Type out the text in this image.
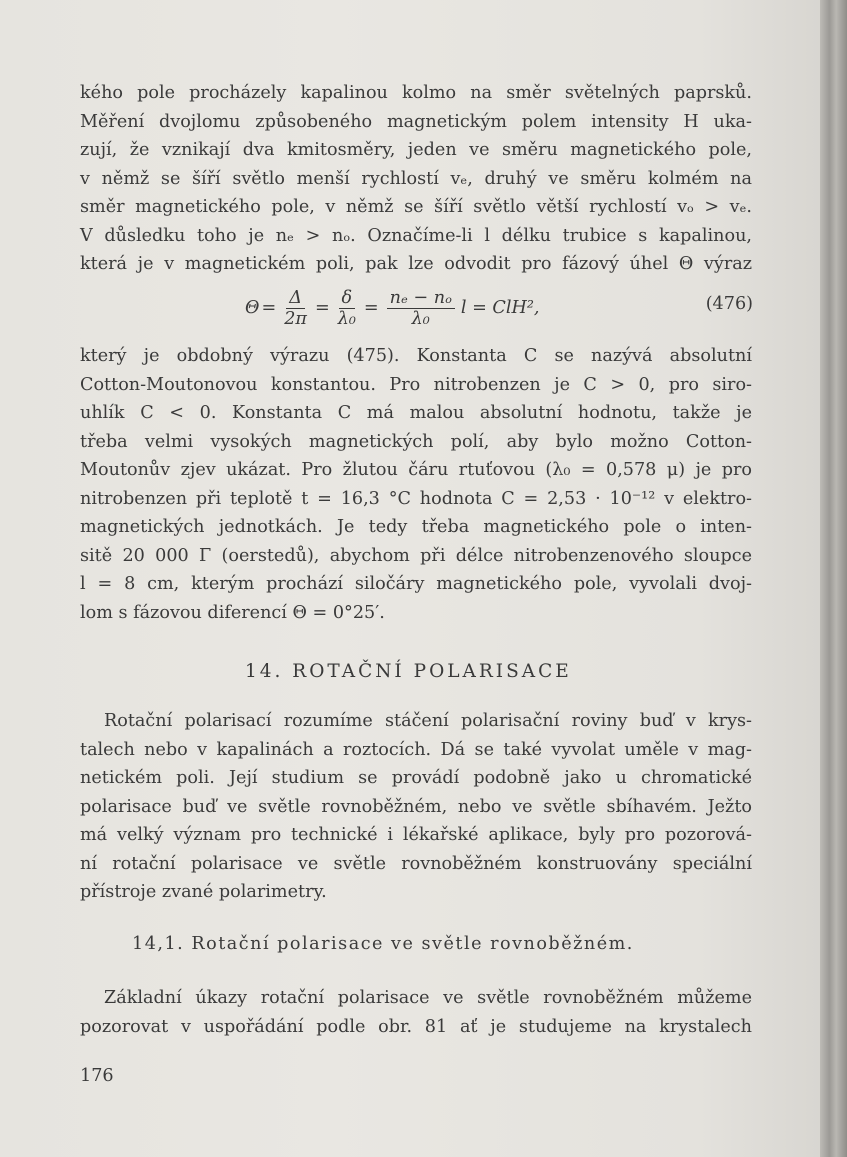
kého pole procházely kapalinou kolmo na směr světelných paprsků.
Měření dvojlomu způsobeného magnetickým polem intensity H uka-
zují, že vznikají dva kmitosměry, jeden ve směru magnetického pole,
v němž se šíří světlo menší rychlostí vₑ, druhý ve směru kolmém na
směr magnetického pole, v němž se šíří světlo větší rychlostí vₒ > vₑ.
V důsledku toho je nₑ > nₒ. Označíme-li l délku trubice s kapalinou,
která je v magnetickém poli, pak lze odvodit pro fázový úhel Θ výraz
$\Theta = \frac{\Delta}{2\pi} = \frac{\delta}{\text{λ₀}} = \frac{\text{nₑ − nₒ}}{\text{λ₀}}$ l = ClH²,	(476)
který je obdobný výrazu (475). Konstanta C se nazývá absolutní
Cotton-Moutonovou konstantou. Pro nitrobenzen je C > 0, pro siro-
uhlík C < 0. Konstanta C má malou absolutní hodnotu, takže je
třeba velmi vysokých magnetických polí, aby bylo možno Cotton-
Moutonův zjev ukázat. Pro žlutou čáru rtuťovou (λ₀ = 0,578 μ) je pro
nitrobenzen při teplotě t = 16,3 °C hodnota C = 2,53 · 10⁻¹² v elektro-
magnetických jednotkách. Je tedy třeba magnetického pole o inten-
sitě 20 000 Γ (oerstedů), abychom při délce nitrobenzenového sloupce
l = 8 cm, kterým prochází siločáry magnetického pole, vyvolali dvoj-
lom s fázovou diferencí Θ = 0°25′.
14. ROTAČNÍ POLARISACE
Rotační polarisací rozumíme stáčení polarisační roviny buď v krys-
talech nebo v kapalinách a roztocích. Dá se také vyvolat uměle v mag-
netickém poli. Její studium se provádí podobně jako u chromatické
polarisace buď ve světle rovnoběžném, nebo ve světle sbíhavém. Ježto
má velký význam pro technické i lékařské aplikace, byly pro pozorová-
ní rotační polarisace ve světle rovnoběžném konstruovány speciální
přístroje zvané polarimetry.
14,1. Rotační polarisace ve světle rovnoběžném.
Základní úkazy rotační polarisace ve světle rovnoběžném můžeme
pozorovat v uspořádání podle obr. 81 ať je studujeme na krystalech
176
